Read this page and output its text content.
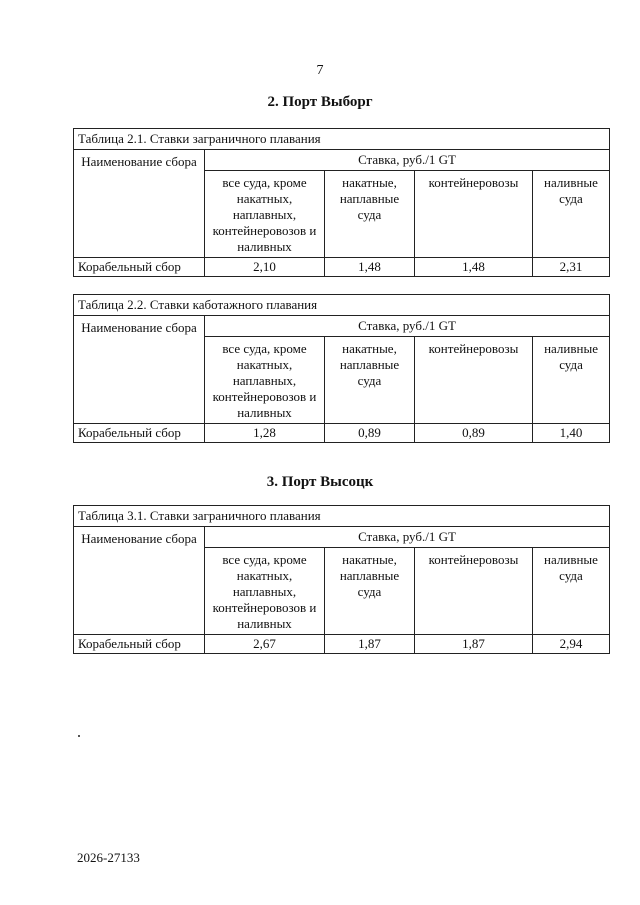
7
2. Порт Выборг
Таблица 2.1. Ставки заграничного плавания				
Наименование сбора	Ставка, руб./1 GT			
	все суда, кроме накатных, наплавных, контейнеровозов и наливных	накатные, наплавные суда	контейнеровозы	наливные суда
Корабельный сбор	2,10	1,48	1,48	2,31
Таблица 2.2. Ставки каботажного плавания				
Наименование сбора	Ставка, руб./1 GT			
	все суда, кроме накатных, наплавных, контейнеровозов и наливных	накатные, наплавные суда	контейнеровозы	наливные суда
Корабельный сбор	1,28	0,89	0,89	1,40
3. Порт Высоцк
Таблица 3.1. Ставки заграничного плавания				
Наименование сбора	Ставка, руб./1 GT			
	все суда, кроме накатных, наплавных, контейнеровозов и наливных	накатные, наплавные суда	контейнеровозы	наливные суда
Корабельный сбор	2,67	1,87	1,87	2,94
2026-27133
